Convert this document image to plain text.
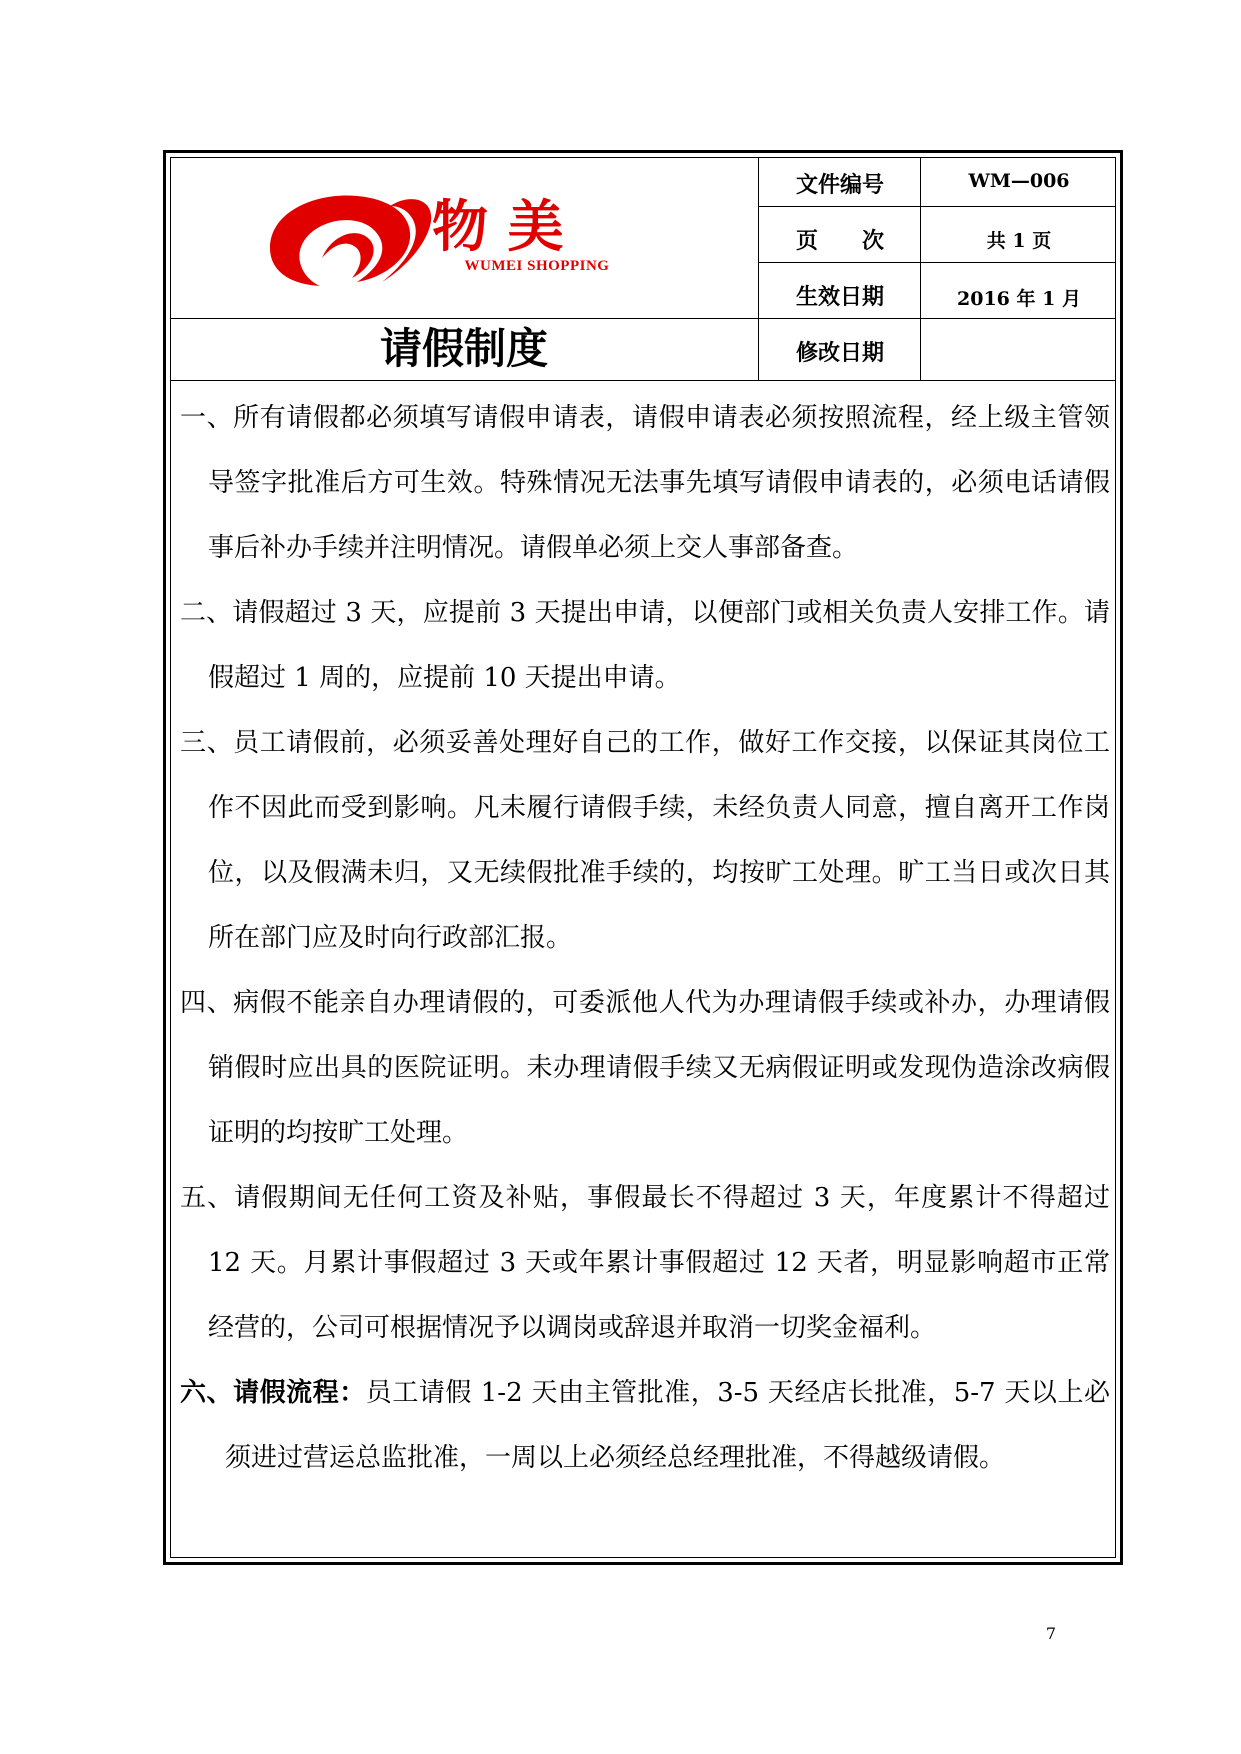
物 美
WUMEI SHOPPING
文件编号	WM—006
页　　次	共 1 页
生效日期	2016 年 1 月
修改日期
请假制度

一、所有请假都必须填写请假申请表，请假申请表必须按照流程，经上级主管领导签字批准后方可生效。特殊情况无法事先填写请假申请表的，必须电话请假事后补办手续并注明情况。请假单必须上交人事部备查。

二、请假超过 3 天，应提前 3 天提出申请，以便部门或相关负责人安排工作。请假超过 1 周的，应提前 10 天提出申请。

三、员工请假前，必须妥善处理好自己的工作，做好工作交接，以保证其岗位工作不因此而受到影响。凡未履行请假手续，未经负责人同意，擅自离开工作岗位，以及假满未归，又无续假批准手续的，均按旷工处理。旷工当日或次日其所在部门应及时向行政部汇报。

四、病假不能亲自办理请假的，可委派他人代为办理请假手续或补办，办理请假销假时应出具的医院证明。未办理请假手续又无病假证明或发现伪造涂改病假证明的均按旷工处理。

五、请假期间无任何工资及补贴，事假最长不得超过 3 天，年度累计不得超过 12 天。月累计事假超过 3 天或年累计事假超过 12 天者，明显影响超市正常经营的，公司可根据情况予以调岗或辞退并取消一切奖金福利。

六、请假流程：员工请假 1-2 天由主管批准，3-5 天经店长批准，5-7 天以上必须进过营运总监批准，一周以上必须经总经理批准，不得越级请假。

7
